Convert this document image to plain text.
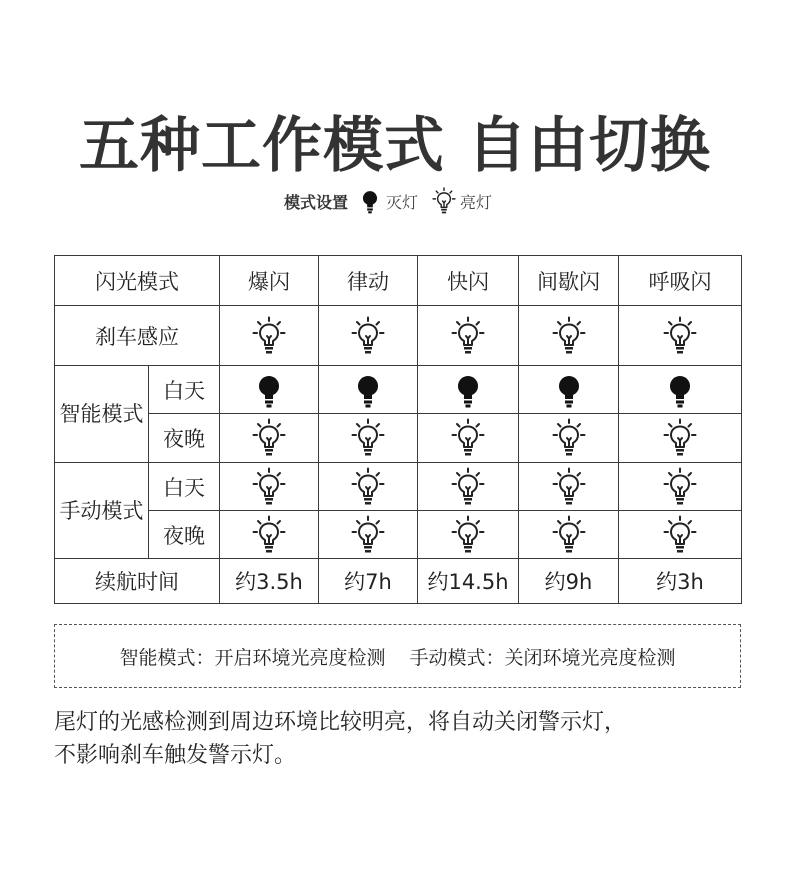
五种工作模式 自由切换
模式设置 灭灯	亮灯
闪光模式		爆闪	律动	快闪	间歇闪	呼吸闪
刹车感应					
智能模式	白天					
	夜晚					
手动模式	白天					
	夜晚					
续航时间		约3.5h	约7h	约14.5h	约9h	约3h
智能模式：开启环境光亮度检测 手动模式：关闭环境光亮度检测
尾灯的光感检测到周边环境比较明亮，将自动关闭警示灯，
不影响刹车触发警示灯。
